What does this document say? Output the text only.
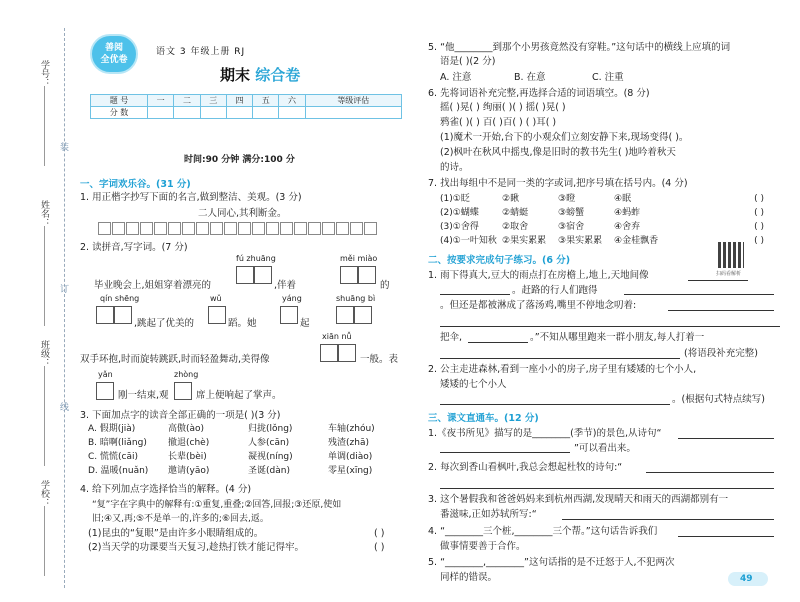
学号：
姓名：
班级：
学校：
装
订
线
善阅
全优卷
语文 3 年级上册 RJ
期末 综合卷
题 号	一	二	三	四	五	六	等级评估
分 数							
时间:90 分钟 满分:100 分
一、字词欢乐谷。(31 分)
1. 用正楷字抄写下面的名言,做到整洁、美观。(3 分)
二人同心,其利断金。
2. 读拼音,写字词。(7 分)
fú zhuāng	měi miào
毕业晚会上,姐姐穿着漂亮的	,伴着	的
qín shēng	wǔ	yáng	shuāng bì
,跳起了优美的	蹈。她	起
xiān nǚ
双手环抱,时而旋转跳跃,时而轻盈舞动,美得像	一般。表
yǎn	zhòng
刚一结束,观	席上便响起了掌声。
3. 下面加点字的读音全部正确的一项是( )(3 分)
A. 假期(jià)	高傲(ào)	归拢(lǒng)	车轴(zhóu)
B. 暗啊(liǎng) 撤退(chè)	人参(cān)	残渣(zhā)
C. 慌慌(cāi)	长辈(bèi)	凝视(níng)	单调(diào)
D. 温暖(nuǎn) 邀请(yāo)	圣诞(dàn)	零星(xīng)
4. 给下列加点字选择恰当的解释。(4 分)
“复”字在字典中的解释有:①重复,重叠;②回答,回报;③还原,使如
旧;④又,再;⑤不是单一的,许多的;⑥回去,返。
(1)昆虫的“复眼”是由许多小眼睛组成的。	( )
(2)当天学的功课要当天复习,趁热打铁才能记得牢。	( )
5. “他________到那个小男孩竟然没有穿鞋。”这句话中的横线上应填的词
语是( )(2 分)
A. 注意	B. 在意	C. 注重
6. 先将词语补充完整,再选择合适的词语填空。(8 分)
摇( )晃( ) 绚丽( )( ) 摇( )晃( )
鸦雀( )( ) 百( )百( ) ( )耳( )
(1)魔术一开始,台下的小观众们立刻安静下来,现场变得( )。
(2)枫叶在秋风中摇曳,像是旧时的教书先生( )地吟着秋天
的诗。
7. 找出每组中不是同一类的字或词,把序号填在括号内。(4 分)
(1)①眨	②瞅	③瞪	④眠	( )
(2)①蝴蝶	②蜻蜓	③螃蟹	④蚂蚱	( )
(3)①舍得	②取舍	③宿舍	④舍弃	( )
(4)①一叶知秋 ②果实累累 ③果实累累 ④金桂飘香	( )
二、按要求完成句子练习。(6 分)
扫码看解析
1. 雨下得真大,豆大的雨点打在房檐上,地上,天地间像
。赶路的行人们跑得
。但还是都被淋成了落汤鸡,嘴里不停地念叨着:
把伞,	。”不知从哪里跑来一群小朋友,每人打着一
(将语段补充完整)
2. 公主走进森林,看到一座小小的房子,房子里有矮矮的七个小人,
矮矮的七个小人
。(根据句式特点续写)
三、课文直通车。(12 分)
1.《夜书所见》描写的是________(季节)的景色,从诗句“
”可以看出来。
2. 每次到香山看枫叶,我总会想起杜牧的诗句:“
3. 这个暑假我和爸爸妈妈来到杭州西湖,发现晴天和雨天的西湖都别有一
番滋味,正如苏轼所写:“
4. “________三个桩,________三个帮。”这句话告诉我们
做事情要善于合作。
5. “________,________”这句话指的是不迁怒于人,不犯两次
同样的错误。	49
